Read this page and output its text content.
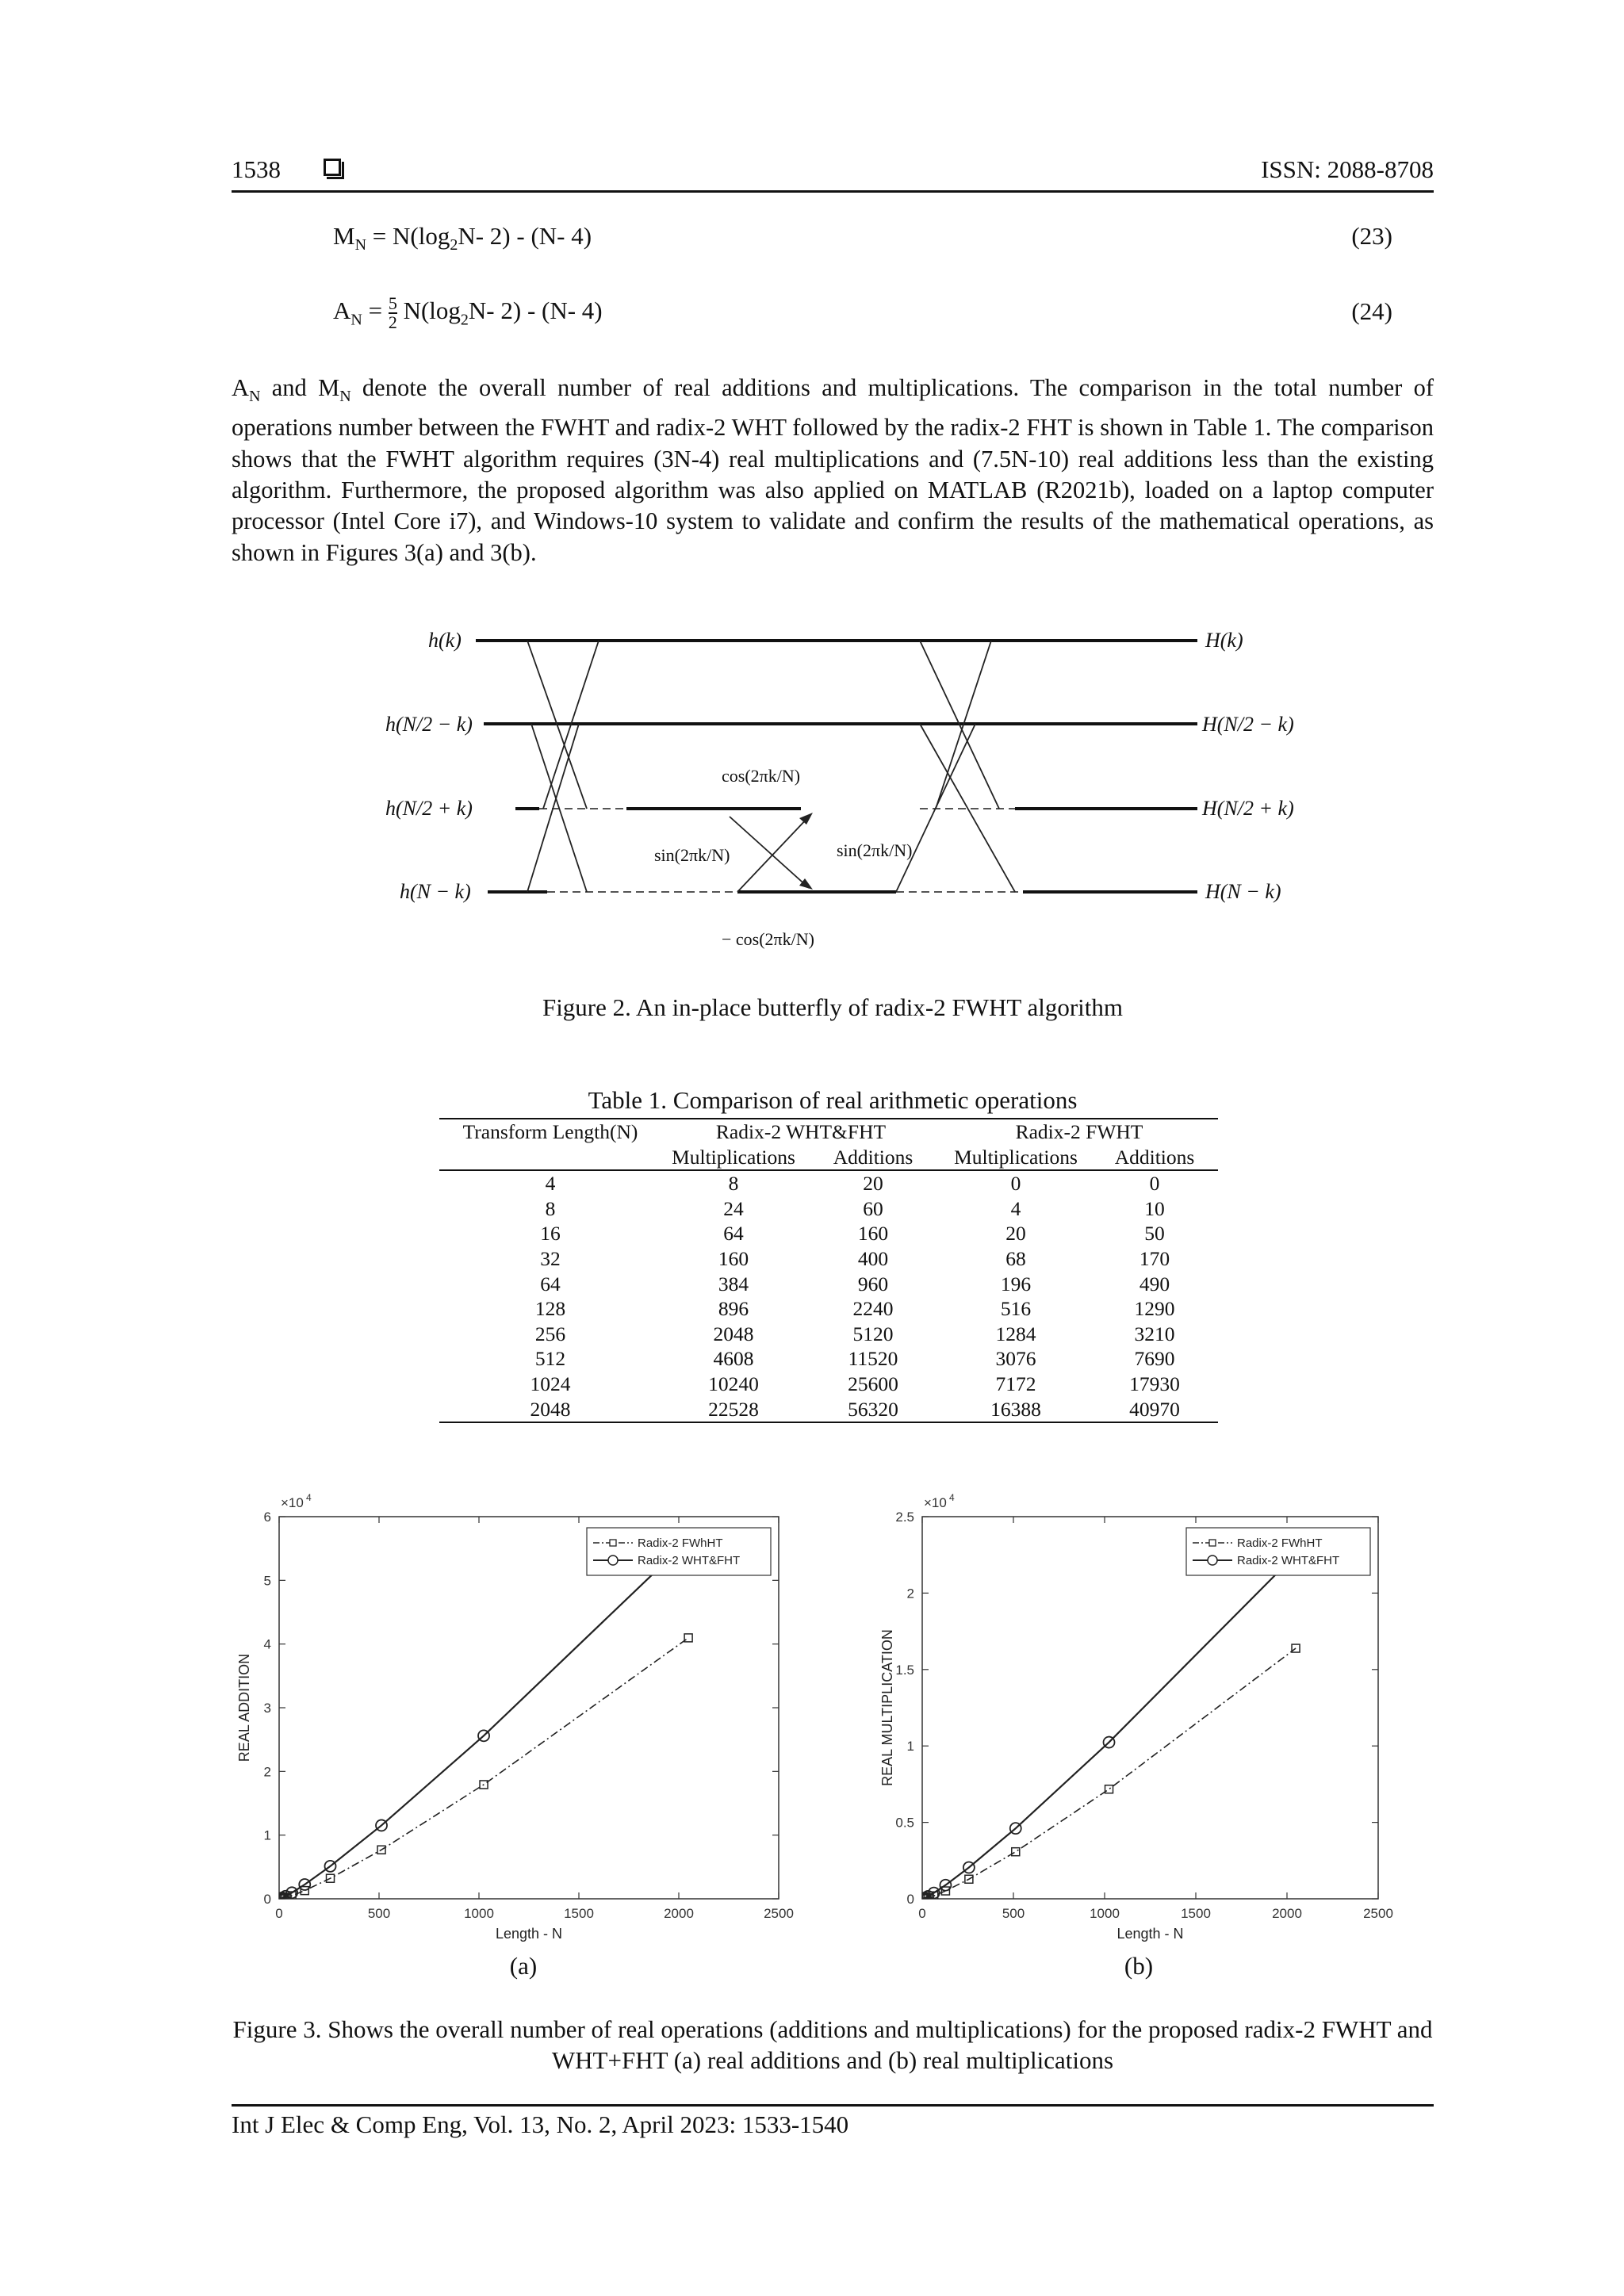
1538	ISSN: 2088-8708
$M_N = N(\log_2N-$ 2) - (N- 4)	(23)
$A_N = \frac{5}{2} N(\log_2N-$ 2) - (N- 4)	(24)
$A_N$ and $M_N$ denote the overall number of real additions and multiplications. The comparison in the total number of operations number between the FWHT and radix-2 WHT followed by the radix-2 FHT is shown in Table 1. The comparison shows that the FWHT algorithm requires (3N-4) real multiplications and (7.5N-10) real additions less than the existing algorithm. Furthermore, the proposed algorithm was also applied on MATLAB (R2021b), loaded on a laptop computer processor (Intel Core i7), and Windows-10 system to validate and confirm the results of the mathematical operations, as shown in Figures 3(a) and 3(b).
h(k)
h(N/2 − k)
h(N/2 + k)
h(N − k)
H(k)
H(N/2 − k)
H(N/2 + k)
H(N − k)
cos(2πk/N)
sin(2πk/N)	sin(2πk/N)
− cos(2πk/N)
Figure 2. An in-place butterfly of radix-2 FWHT algorithm
Table 1. Comparison of real arithmetic operations
Transform Length(N)	Radix-2 WHT&FHT		Radix-2 FWHT	
	Multiplications	Additions	Multiplications	Additions
4	8	20	0	0
8	24	60	4	10
16	64	160	20	50
32	160	400	68	170
64	384	960	196	490
128	896	2240	516	1290
256	2048	5120	1284	3210
512	4608	11520	3076	7690
1024	10240	25600	7172	17930
2048	22528	56320	16388	40970
0	500	1000	1500	2000	2500
0
1
2
3
4
5
6
×10 4
Length - N
REAL ADDITION
Radix-2 FWhHT
Radix-2 WHT&FHT
0	500	1000	1500	2000	2500
0
0.5
1
1.5
2
2.5
×10 4
Length - N
REAL MULTIPLICATION
Radix-2 FWhHT
Radix-2 WHT&FHT
(a)	(b)
Figure 3. Shows the overall number of real operations (additions and multiplications) for the proposed radix-2 FWHT and WHT+FHT (a) real additions and (b) real multiplications
Int J Elec & Comp Eng, Vol. 13, No. 2, April 2023: 1533-1540
